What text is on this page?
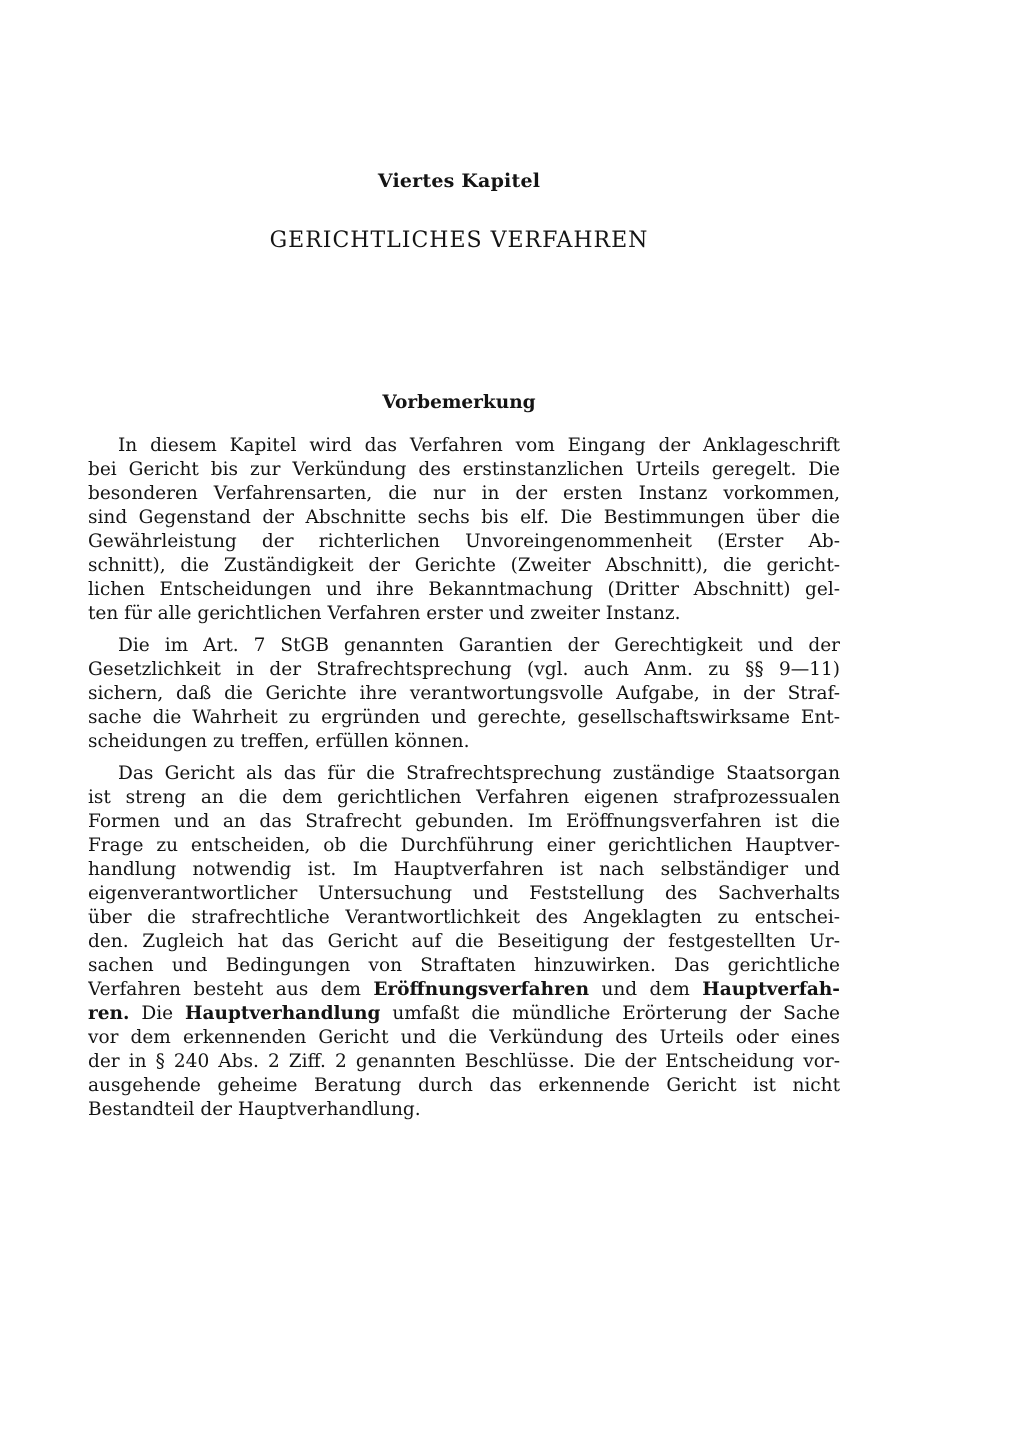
Viertes Kapitel
GERICHTLICHES VERFAHREN
Vorbemerkung
In diesem Kapitel wird das Verfahren vom Eingang der Anklageschrift
bei Gericht bis zur Verkündung des erstinstanzlichen Urteils geregelt. Die
besonderen Verfahrensarten, die nur in der ersten Instanz vorkommen,
sind Gegenstand der Abschnitte sechs bis elf. Die Bestimmungen über die
Gewährleistung der richterlichen Unvoreingenommenheit (Erster Ab-
schnitt), die Zuständigkeit der Gerichte (Zweiter Abschnitt), die gericht-
lichen Entscheidungen und ihre Bekanntmachung (Dritter Abschnitt) gel-
ten für alle gerichtlichen Verfahren erster und zweiter Instanz.
Die im Art. 7 StGB genannten Garantien der Gerechtigkeit und der
Gesetzlichkeit in der Strafrechtsprechung (vgl. auch Anm. zu §§ 9—11)
sichern, daß die Gerichte ihre verantwortungsvolle Aufgabe, in der Straf-
sache die Wahrheit zu ergründen und gerechte, gesellschaftswirksame Ent-
scheidungen zu treffen, erfüllen können.
Das Gericht als das für die Strafrechtsprechung zuständige Staatsorgan
ist streng an die dem gerichtlichen Verfahren eigenen strafprozessualen
Formen und an das Strafrecht gebunden. Im Eröffnungsverfahren ist die
Frage zu entscheiden, ob die Durchführung einer gerichtlichen Hauptver-
handlung notwendig ist. Im Hauptverfahren ist nach selbständiger und
eigenverantwortlicher Untersuchung und Feststellung des Sachverhalts
über die strafrechtliche Verantwortlichkeit des Angeklagten zu entschei-
den. Zugleich hat das Gericht auf die Beseitigung der festgestellten Ur-
sachen und Bedingungen von Straftaten hinzuwirken. Das gerichtliche
Verfahren besteht aus dem Eröffnungsverfahren und dem Hauptverfah-
ren. Die Hauptverhandlung umfaßt die mündliche Erörterung der Sache
vor dem erkennenden Gericht und die Verkündung des Urteils oder eines
der in § 240 Abs. 2 Ziff. 2 genannten Beschlüsse. Die der Entscheidung vor-
ausgehende geheime Beratung durch das erkennende Gericht ist nicht
Bestandteil der Hauptverhandlung.
